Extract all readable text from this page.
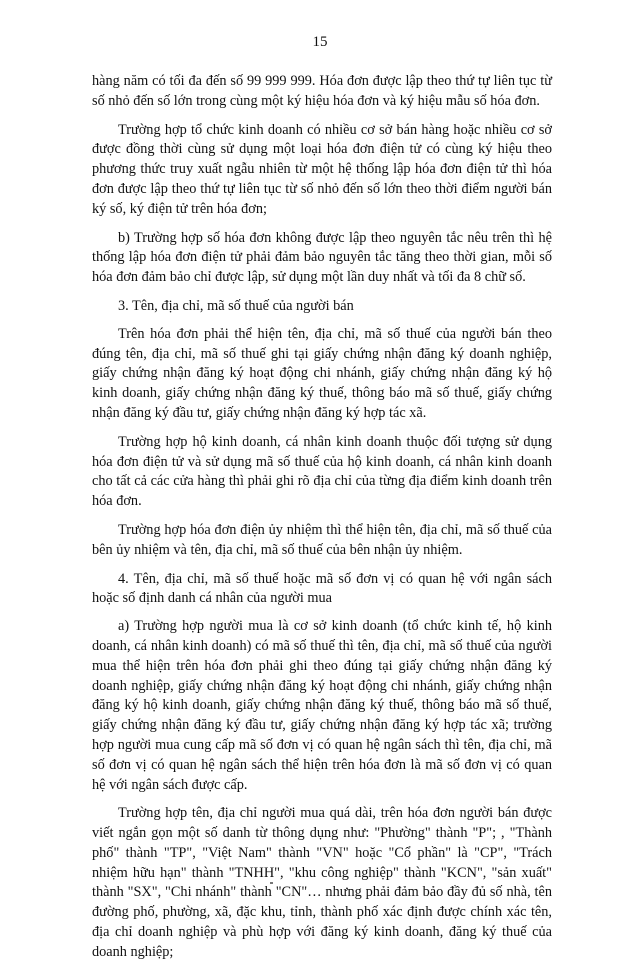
15

hàng năm có tối đa đến số 99 999 999. Hóa đơn được lập theo thứ tự liên tục từ số nhỏ đến số lớn trong cùng một ký hiệu hóa đơn và ký hiệu mẫu số hóa đơn.

Trường hợp tổ chức kinh doanh có nhiều cơ sở bán hàng hoặc nhiều cơ sở được đồng thời cùng sử dụng một loại hóa đơn điện tử có cùng ký hiệu theo phương thức truy xuất ngẫu nhiên từ một hệ thống lập hóa đơn điện tử thì hóa đơn được lập theo thứ tự liên tục từ số nhỏ đến số lớn theo thời điểm người bán ký số, ký điện tử trên hóa đơn;

b) Trường hợp số hóa đơn không được lập theo nguyên tắc nêu trên thì hệ thống lập hóa đơn điện tử phải đảm bảo nguyên tắc tăng theo thời gian, mỗi số hóa đơn đảm bảo chỉ được lập, sử dụng một lần duy nhất và tối đa 8 chữ số.

3. Tên, địa chỉ, mã số thuế của người bán

Trên hóa đơn phải thể hiện tên, địa chỉ, mã số thuế của người bán theo đúng tên, địa chỉ, mã số thuế ghi tại giấy chứng nhận đăng ký doanh nghiệp, giấy chứng nhận đăng ký hoạt động chi nhánh, giấy chứng nhận đăng ký hộ kinh doanh, giấy chứng nhận đăng ký thuế, thông báo mã số thuế, giấy chứng nhận đăng ký đầu tư, giấy chứng nhận đăng ký hợp tác xã.

Trường hợp hộ kinh doanh, cá nhân kinh doanh thuộc đối tượng sử dụng hóa đơn điện tử và sử dụng mã số thuế của hộ kinh doanh, cá nhân kinh doanh cho tất cả các cửa hàng thì phải ghi rõ địa chỉ của từng địa điểm kinh doanh trên hóa đơn.

Trường hợp hóa đơn điện ủy nhiệm thì thể hiện tên, địa chỉ, mã số thuế của bên ủy nhiệm và tên, địa chỉ, mã số thuế của bên nhận ủy nhiệm.

4. Tên, địa chỉ, mã số thuế hoặc mã số đơn vị có quan hệ với ngân sách hoặc số định danh cá nhân của người mua

a) Trường hợp người mua là cơ sở kinh doanh (tổ chức kinh tế, hộ kinh doanh, cá nhân kinh doanh) có mã số thuế thì tên, địa chỉ, mã số thuế của người mua thể hiện trên hóa đơn phải ghi theo đúng tại giấy chứng nhận đăng ký doanh nghiệp, giấy chứng nhận đăng ký hoạt động chi nhánh, giấy chứng nhận đăng ký hộ kinh doanh, giấy chứng nhận đăng ký thuế, thông báo mã số thuế, giấy chứng nhận đăng ký đầu tư, giấy chứng nhận đăng ký hợp tác xã; trường hợp người mua cung cấp mã số đơn vị có quan hệ ngân sách thì tên, địa chỉ, mã số đơn vị có quan hệ ngân sách thể hiện trên hóa đơn là mã số đơn vị có quan hệ với ngân sách được cấp.

Trường hợp tên, địa chỉ người mua quá dài, trên hóa đơn người bán được viết ngắn gọn một số danh từ thông dụng như: "Phường" thành "P"; , "Thành phố" thành "TP", "Việt Nam" thành "VN" hoặc "Cổ phần" là "CP", "Trách nhiệm hữu hạn" thành "TNHH", "khu công nghiệp" thành "KCN", "sản xuất" thành "SX", "Chi nhánh" thành "CN"… nhưng phải đảm bảo đầy đủ số nhà, tên đường phố, phường, xã, đặc khu, tỉnh, thành phố xác định được chính xác tên, địa chỉ doanh nghiệp và phù hợp với đăng ký kinh doanh, đăng ký thuế của doanh nghiệp;
